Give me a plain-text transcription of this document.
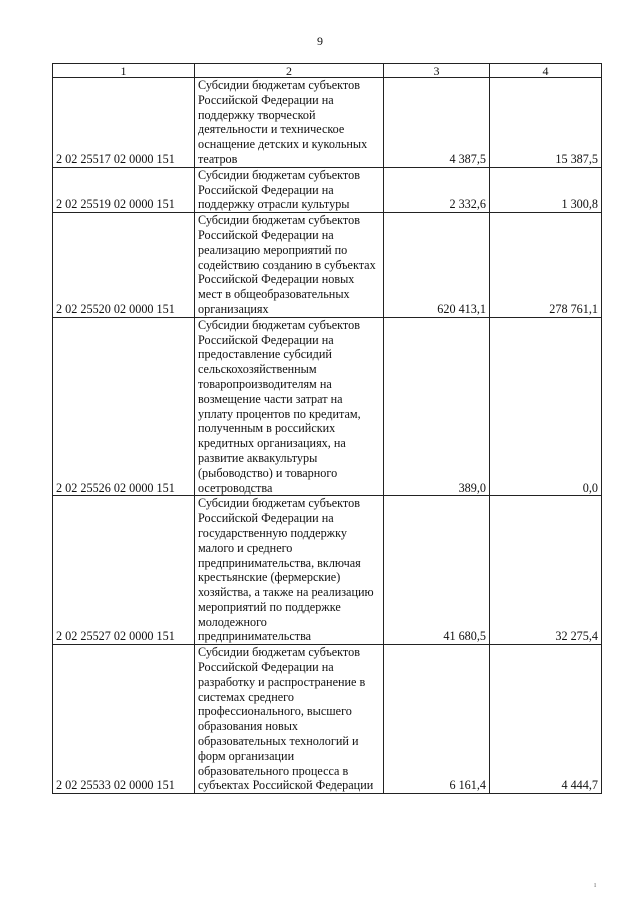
9
1	2	3	4
2 02 25517 02 0000 151	Субсидии бюджетам субъектов Российской Федерации на поддержку творческой деятельности и техническое оснащение детских и кукольных театров	4 387,5	15 387,5
2 02 25519 02 0000 151	Субсидии бюджетам субъектов Российской Федерации на поддержку отрасли культуры	2 332,6	1 300,8
2 02 25520 02 0000 151	Субсидии бюджетам субъектов Российской Федерации на реализацию мероприятий по содействию созданию в субъектах Российской Федерации новых мест в общеобразовательных организациях	620 413,1	278 761,1
2 02 25526 02 0000 151	Субсидии бюджетам субъектов Российской Федерации на предоставление субсидий сельскохозяйственным товаропроизводителям на возмещение части затрат на уплату процентов по кредитам, полученным в российских кредитных организациях, на развитие аквакультуры (рыбоводство) и товарного осетроводства	389,0	0,0
2 02 25527 02 0000 151	Субсидии бюджетам субъектов Российской Федерации на государственную поддержку малого и среднего предпринимательства, включая крестьянские (фермерские) хозяйства, а также на реализацию мероприятий по поддержке молодежного предпринимательства	41 680,5	32 275,4
2 02 25533 02 0000 151	Субсидии бюджетам субъектов Российской Федерации на разработку и распространение в системах среднего профессионального, высшего образования новых образовательных технологий и форм организации образовательного процесса в субъектах Российской Федерации	6 161,4	4 444,7
ı
